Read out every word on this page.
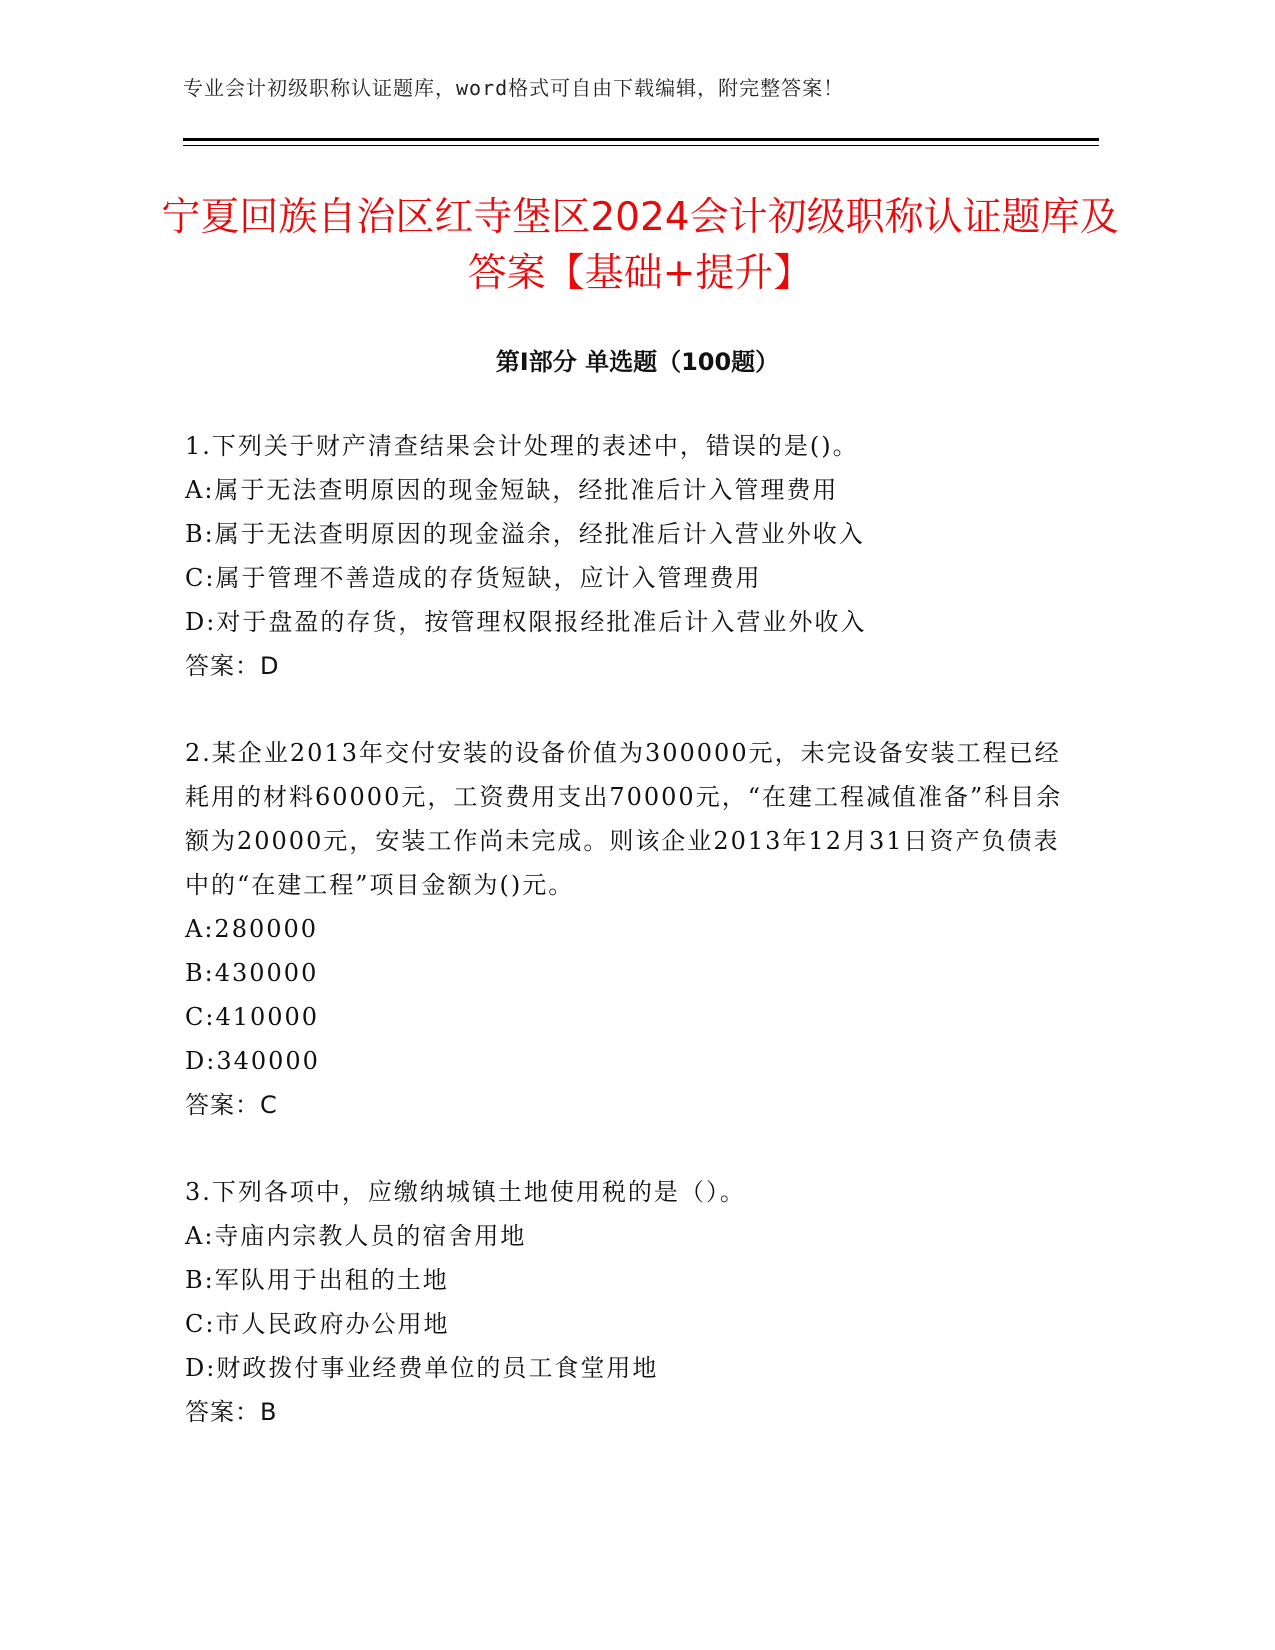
专业会计初级职称认证题库，word格式可自由下载编辑，附完整答案！
宁夏回族自治区红寺堡区2024会计初级职称认证题库及答案【基础+提升】
第Ⅰ部分 单选题（100题）
1.下列关于财产清查结果会计处理的表述中，错误的是()。
A:属于无法查明原因的现金短缺，经批准后计入管理费用
B:属于无法查明原因的现金溢余，经批准后计入营业外收入
C:属于管理不善造成的存货短缺，应计入管理费用
D:对于盘盈的存货，按管理权限报经批准后计入营业外收入
答案：D
2.某企业2013年交付安装的设备价值为300000元，未完设备安装工程已经耗用的材料60000元，工资费用支出70000元，“在建工程减值准备”科目余额为20000元，安装工作尚未完成。则该企业2013年12月31日资产负债表中的“在建工程”项目金额为()元。
A:280000
B:430000
C:410000
D:340000
答案：C
3.下列各项中，应缴纳城镇土地使用税的是（）。
A:寺庙内宗教人员的宿舍用地
B:军队用于出租的土地
C:市人民政府办公用地
D:财政拨付事业经费单位的员工食堂用地
答案：B
